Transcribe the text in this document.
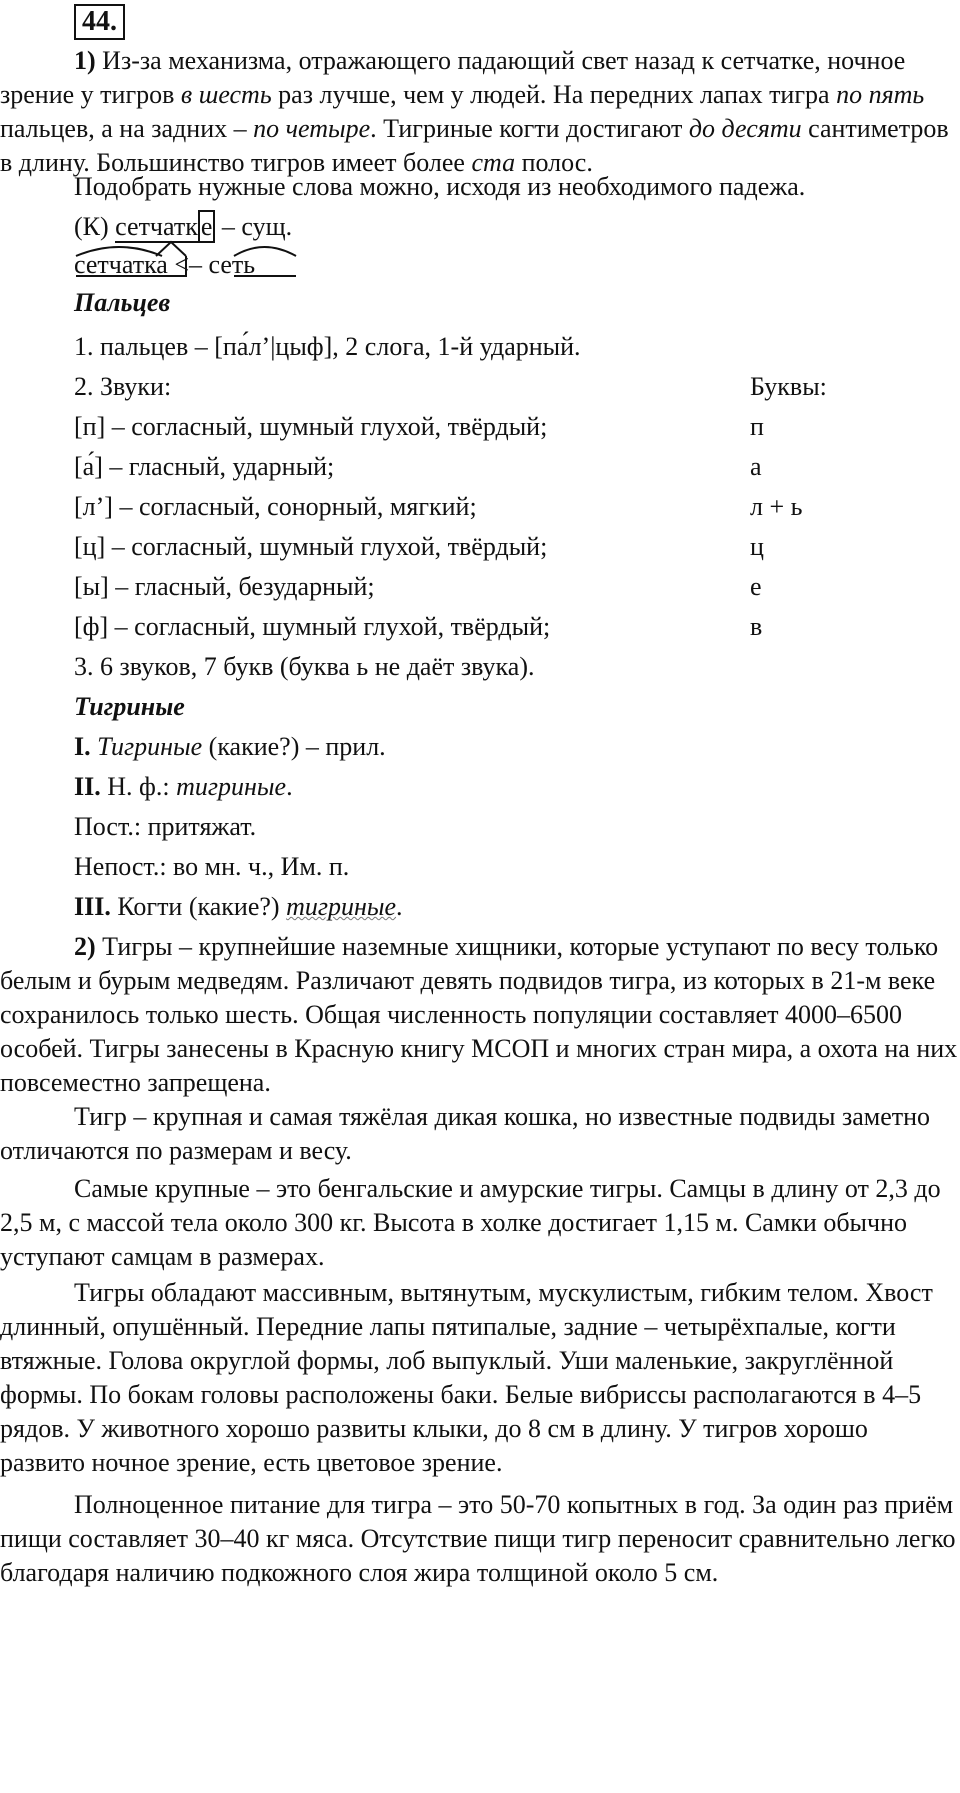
44.

1) Из-за механизма, отражающего падающий свет назад к сетчатке, ночное зрение у тигров в шесть раз лучше, чем у людей. На передних лапах тигра по пять пальцев, а на задних – по четыре. Тигриные когти достигают до десяти сантиметров в длину. Большинство тигров имеет более ста полос.

Подобрать нужные слова можно, исходя из необходимого падежа.

(К) сетчатк е – сущ.

сетчатка <– сеть

Пальцев

1. пальцев – [па́л’|цыф], 2 слога, 1-й ударный.

2. Звуки:	Буквы:

[п] – согласный, шумный глухой, твёрдый;	п

[а́] – гласный, ударный;	а

[л’] – согласный, сонорный, мягкий;	л + ь

[ц] – согласный, шумный глухой, твёрдый;	ц

[ы] – гласный, безударный;	е

[ф] – согласный, шумный глухой, твёрдый;	в

3. 6 звуков, 7 букв (буква ь не даёт звука).

Тигриные

I. Тигриные (какие?) – прил.

II. Н. ф.: тигриные.

Пост.: притяжат.

Непост.: во мн. ч., Им. п.

III. Когти (какие?) тигриные.

2) Тигры – крупнейшие наземные хищники, которые уступают по весу только белым и бурым медведям. Различают девять подвидов тигра, из которых в 21-м веке сохранилось только шесть. Общая численность популяции составляет 4000–6500 особей. Тигры занесены в Красную книгу МСОП и многих стран мира, а охота на них повсеместно запрещена.

Тигр – крупная и самая тяжёлая дикая кошка, но известные подвиды заметно отличаются по размерам и весу.

Самые крупные – это бенгальские и амурские тигры. Самцы в длину от 2,3 до 2,5 м, с массой тела около 300 кг. Высота в холке достигает 1,15 м. Самки обычно уступают самцам в размерах.

Тигры обладают массивным, вытянутым, мускулистым, гибким телом. Хвост длинный, опушённый. Передние лапы пятипалые, задние – четырёхпалые, когти втяжные. Голова округлой формы, лоб выпуклый. Уши маленькие, закруглённой формы. По бокам головы расположены баки. Белые вибриссы располагаются в 4–5 рядов. У животного хорошо развиты клыки, до 8 см в длину. У тигров хорошо развито ночное зрение, есть цветовое зрение.

Полноценное питание для тигра – это 50-70 копытных в год. За один раз приём пищи составляет 30–40 кг мяса. Отсутствие пищи тигр переносит сравнительно легко благодаря наличию подкожного слоя жира толщиной около 5 см.
